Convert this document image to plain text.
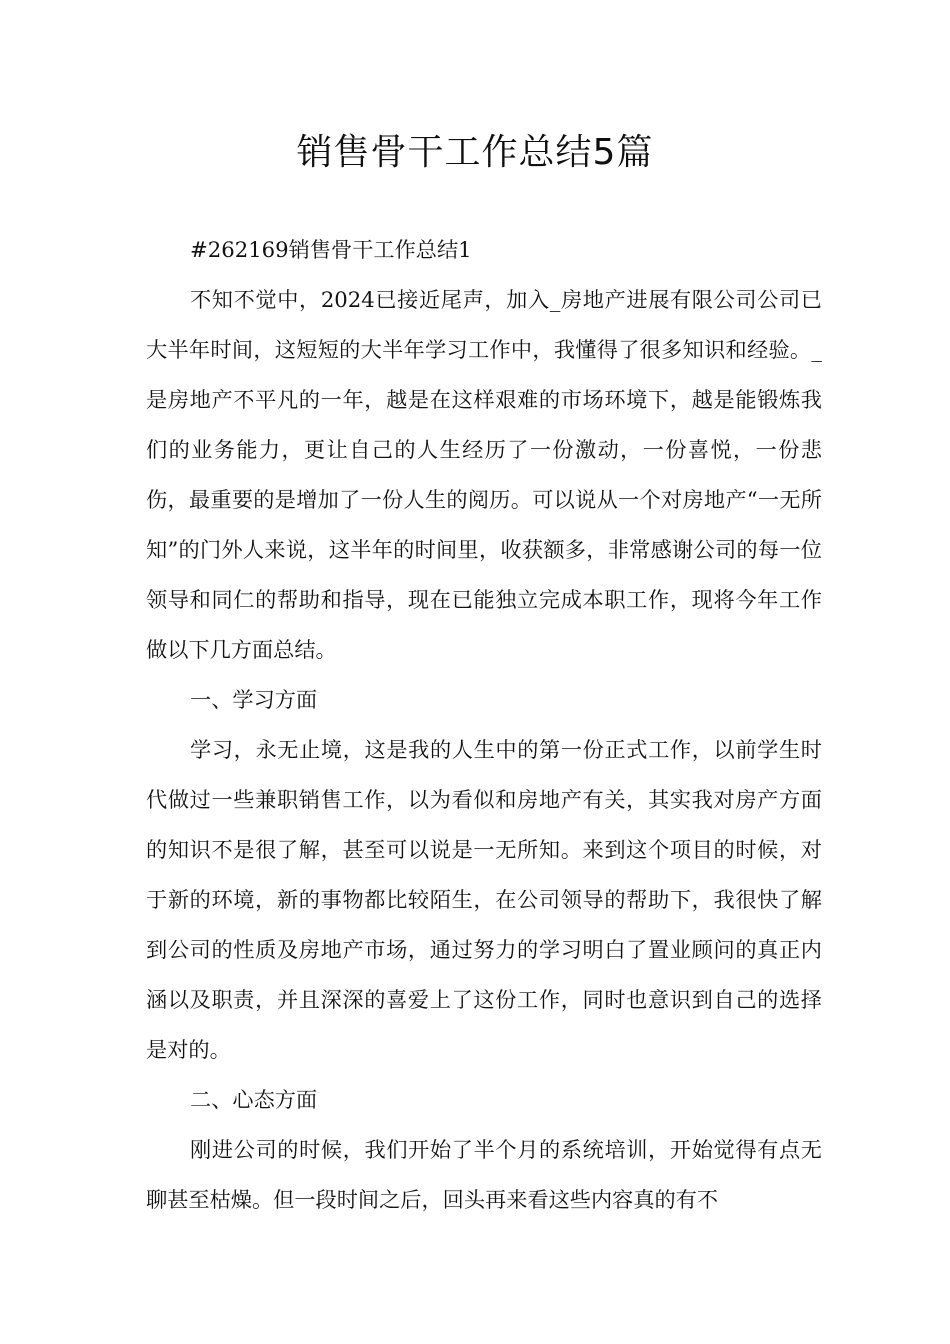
销售骨干工作总结5篇

#262169销售骨干工作总结1

不知不觉中，2024已接近尾声，加入_房地产进展有限公司公司已大半年时间，这短短的大半年学习工作中，我懂得了很多知识和经验。_是房地产不平凡的一年，越是在这样艰难的市场环境下，越是能锻炼我们的业务能力，更让自己的人生经历了一份激动，一份喜悦，一份悲伤，最重要的是增加了一份人生的阅历。可以说从一个对房地产“一无所知”的门外人来说，这半年的时间里，收获额多，非常感谢公司的每一位领导和同仁的帮助和指导，现在已能独立完成本职工作，现将今年工作做以下几方面总结。

一、学习方面

学习，永无止境，这是我的人生中的第一份正式工作，以前学生时代做过一些兼职销售工作，以为看似和房地产有关，其实我对房产方面的知识不是很了解，甚至可以说是一无所知。来到这个项目的时候，对于新的环境，新的事物都比较陌生，在公司领导的帮助下，我很快了解到公司的性质及房地产市场，通过努力的学习明白了置业顾问的真正内涵以及职责，并且深深的喜爱上了这份工作，同时也意识到自己的选择是对的。

二、心态方面

刚进公司的时候，我们开始了半个月的系统培训，开始觉得有点无聊甚至枯燥。但一段时间之后，回头再来看这些内容真的有不
